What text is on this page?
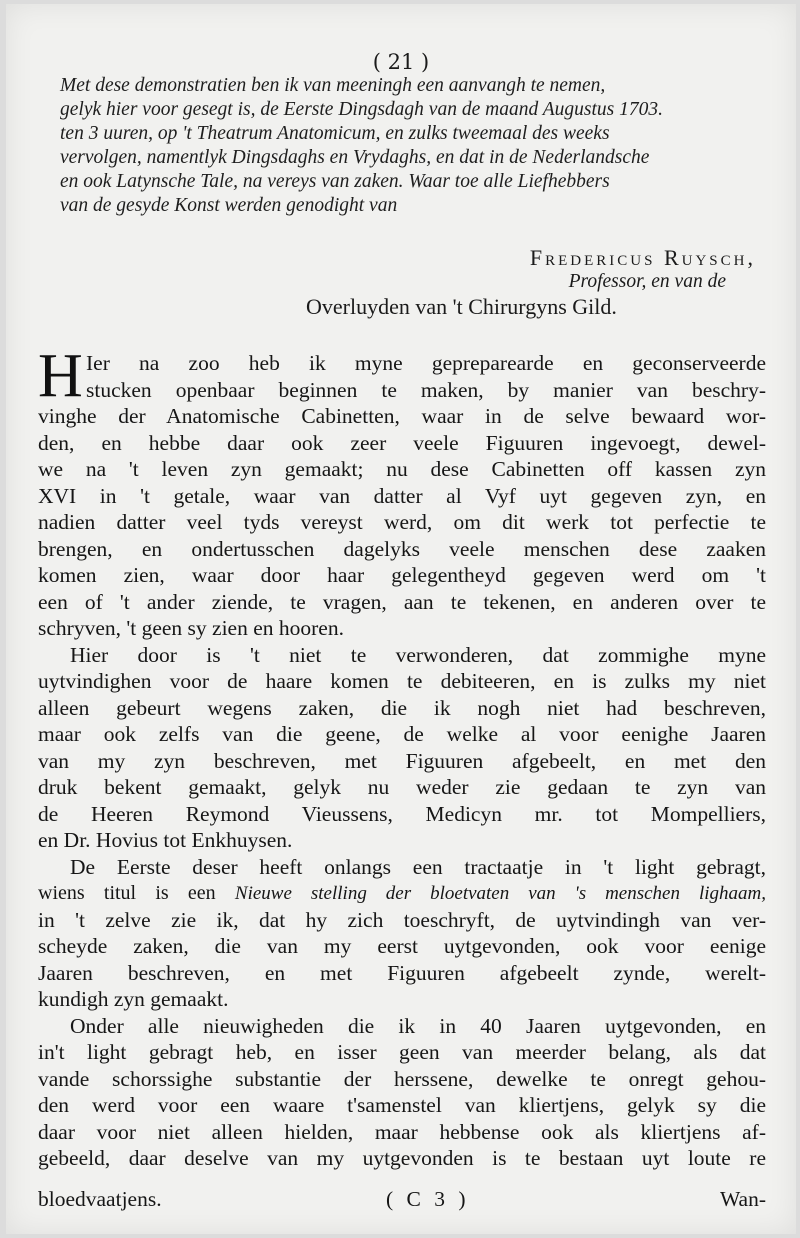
( 21 )
Met dese demonstratien ben ik van meeningh een aanvangh te nemen,
gelyk hier voor gesegt is, de Eerste Dingsdagh van de maand Augustus 1703.
ten 3 uuren, op 't Theatrum Anatomicum, en zulks tweemaal des weeks
vervolgen, namentlyk Dingsdaghs en Vrydaghs, en dat in de Nederlandsche
en ook Latynsche Tale, na vereys van zaken. Waar toe alle Liefhebbers
van de gesyde Konst werden genodight van
Fredericus Ruysch,
Professor, en van de
Overluyden van 't Chirurgyns Gild.
H Ier na zoo heb ik myne gepreparearde en geconserveerde
stucken openbaar beginnen te maken, by manier van beschry-
vinghe der Anatomische Cabinetten, waar in de selve bewaard wor-
den, en hebbe daar ook zeer veele Figuuren ingevoegt, dewel-
we na 't leven zyn gemaakt; nu dese Cabinetten off kassen zyn
XVI in 't getale, waar van datter al Vyf uyt gegeven zyn, en
nadien datter veel tyds vereyst werd, om dit werk tot perfectie te
brengen, en ondertusschen dagelyks veele menschen dese zaaken
komen zien, waar door haar gelegentheyd gegeven werd om 't
een of 't ander ziende, te vragen, aan te tekenen, en anderen over te
schryven, 't geen sy zien en hooren.
Hier door is 't niet te verwonderen, dat zommighe myne
uytvindighen voor de haare komen te debiteeren, en is zulks my niet
alleen gebeurt wegens zaken, die ik nogh niet had beschreven,
maar ook zelfs van die geene, de welke al voor eenighe Jaaren
van my zyn beschreven, met Figuuren afgebeelt, en met den
druk bekent gemaakt, gelyk nu weder zie gedaan te zyn van
de Heeren Reymond Vieussens, Medicyn mr. tot Mompelliers,
en Dr. Hovius tot Enkhuysen.
De Eerste deser heeft onlangs een tractaatje in 't light gebragt,
wiens titul is een Nieuwe stelling der bloetvaten van 's menschen lighaam,
in 't zelve zie ik, dat hy zich toeschryft, de uytvindingh van ver-
scheyde zaken, die van my eerst uytgevonden, ook voor eenige
Jaaren beschreven, en met Figuuren afgebeelt zynde, werelt-
kundigh zyn gemaakt.
Onder alle nieuwigheden die ik in 40 Jaaren uytgevonden, en
in't light gebragt heb, en isser geen van meerder belang, als dat
vande schorssighe substantie der herssene, dewelke te onregt gehou-
den werd voor een waare t'samenstel van kliertjens, gelyk sy die
daar voor niet alleen hielden, maar hebbense ook als kliertjens af-
gebeeld, daar deselve van my uytgevonden is te bestaan uyt loute re
bloedvaatjens.	( C 3 )	Wan-
